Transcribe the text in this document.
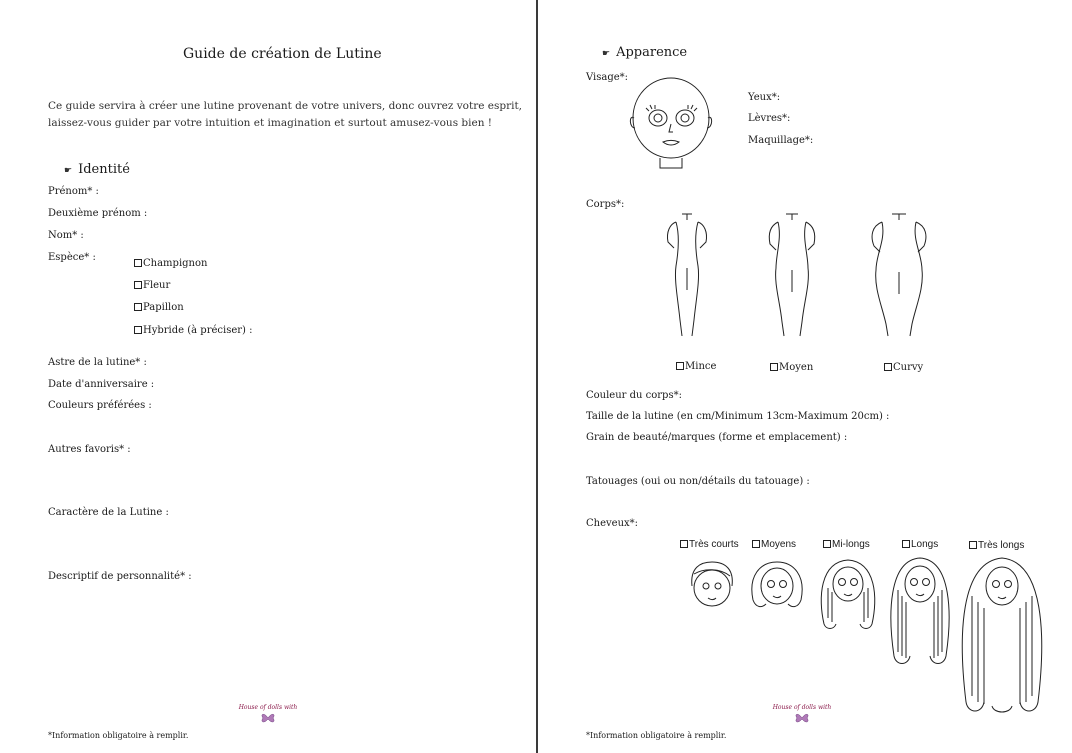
Guide de création de Lutine
Ce guide servira à créer une lutine provenant de votre univers, donc ouvrez votre esprit,
laissez-vous guider par votre intuition et imagination et surtout amusez-vous bien !
☛ Identité
Prénom* :
Deuxième prénom :
Nom* :
Espèce* :
Champignon
Fleur
Papillon
Hybride (à préciser) :
Astre de la lutine* :
Date d'anniversaire :
Couleurs préférées :
Autres favoris* :
Caractère de la Lutine :
Descriptif de personnalité* :
House of dolls with
*Information obligatoire à remplir.
☛ Apparence
Visage*:
Yeux*:
Lèvres*:
Maquillage*:
Corps*:
Mince	Moyen	Curvy
Couleur du corps*:
Taille de la lutine (en cm/Minimum 13cm-Maximum 20cm) :
Grain de beauté/marques (forme et emplacement) :
Tatouages (oui ou non/détails du tatouage) :
Cheveux*:
Très courts	Moyens	Mi-longs	Longs	Très longs
House of dolls with
*Information obligatoire à remplir.
